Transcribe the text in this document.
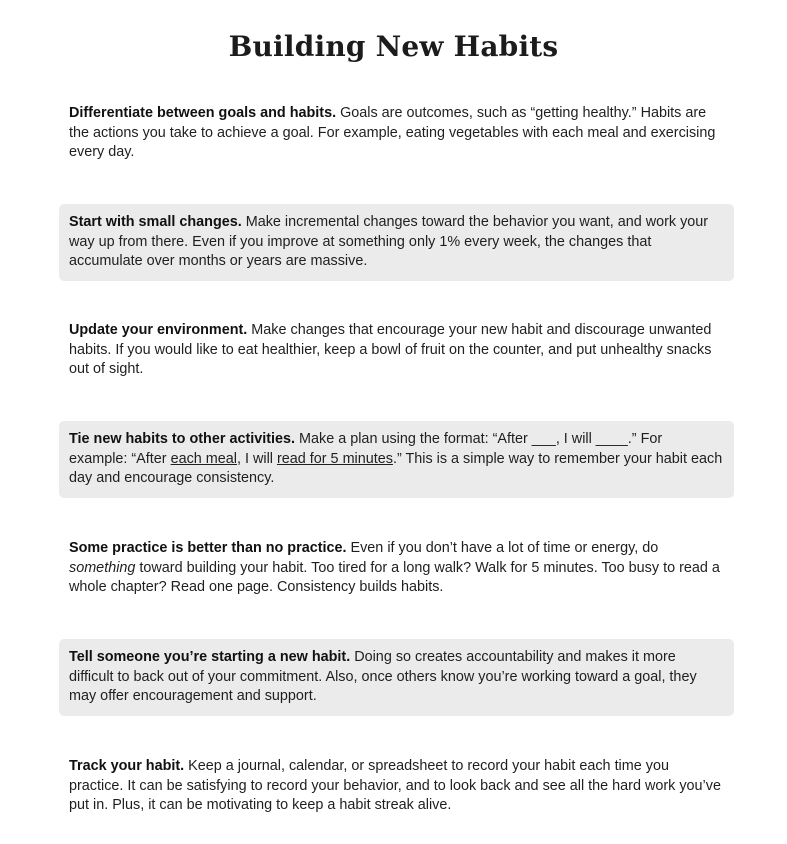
Building New Habits

Differentiate between goals and habits. Goals are outcomes, such as “getting healthy.” Habits are the actions you take to achieve a goal. For example, eating vegetables with each meal and exercising every day.

Start with small changes. Make incremental changes toward the behavior you want, and work your way up from there. Even if you improve at something only 1% every week, the changes that accumulate over months or years are massive.

Update your environment. Make changes that encourage your new habit and discourage unwanted habits. If you would like to eat healthier, keep a bowl of fruit on the counter, and put unhealthy snacks out of sight.

Tie new habits to other activities. Make a plan using the format: “After ___, I will ____.” For example: “After each meal, I will read for 5 minutes.” This is a simple way to remember your habit each day and encourage consistency.

Some practice is better than no practice. Even if you don’t have a lot of time or energy, do something toward building your habit. Too tired for a long walk? Walk for 5 minutes. Too busy to read a whole chapter? Read one page. Consistency builds habits.

Tell someone you’re starting a new habit. Doing so creates accountability and makes it more difficult to back out of your commitment. Also, once others know you’re working toward a goal, they may offer encouragement and support.

Track your habit. Keep a journal, calendar, or spreadsheet to record your habit each time you practice. It can be satisfying to record your behavior, and to look back and see all the hard work you’ve put in. Plus, it can be motivating to keep a habit streak alive.
